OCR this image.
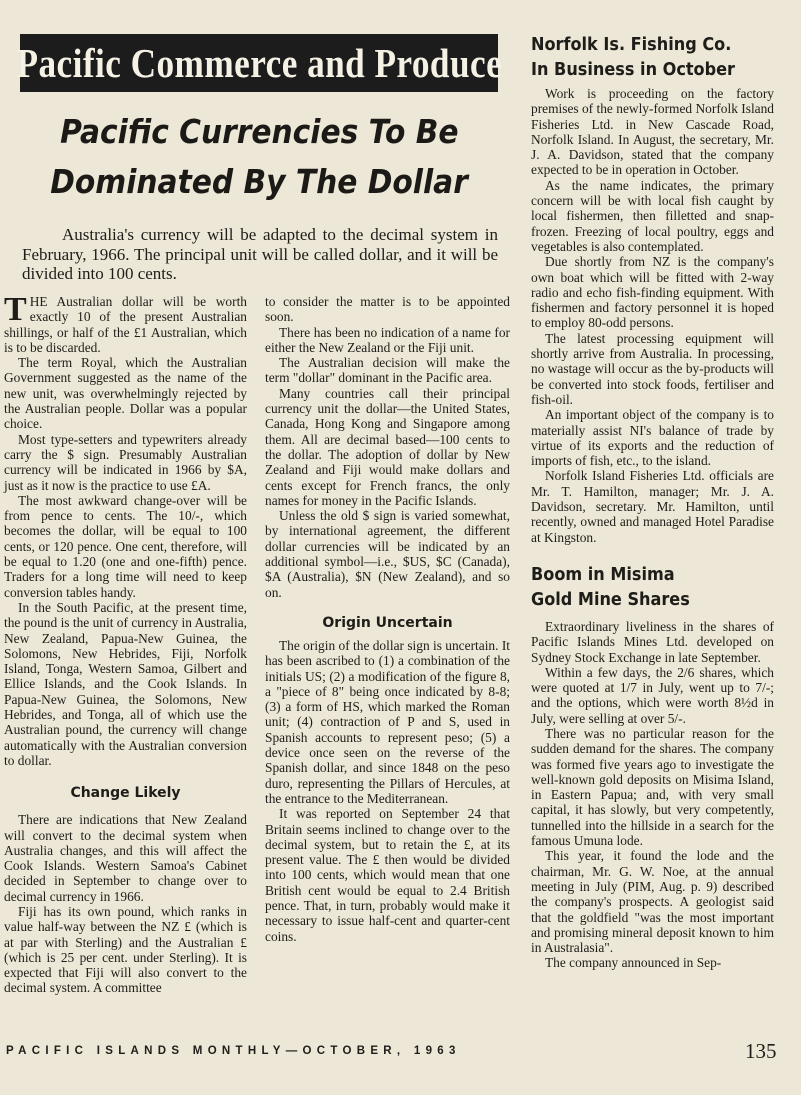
Pacific Commerce and Produce
Pacific Currencies To Be
Dominated By The Dollar

Australia's currency will be adapted to the decimal system in February, 1966. The principal unit will be called dollar, and it will be divided into 100 cents.

THE Australian dollar will be worth exactly 10 of the present Australian shillings, or half of the £1 Australian, which is to be discarded.

The term Royal, which the Australian Government suggested as the name of the new unit, was overwhelmingly rejected by the Australian people. Dollar was a popular choice.

Most type-setters and typewriters already carry the $ sign. Presumably Australian currency will be indicated in 1966 by $A, just as it now is the practice to use £A.

The most awkward change-over will be from pence to cents. The 10/-, which becomes the dollar, will be equal to 100 cents, or 120 pence. One cent, therefore, will be equal to 1.20 (one and one-fifth) pence. Traders for a long time will need to keep conversion tables handy.

In the South Pacific, at the present time, the pound is the unit of currency in Australia, New Zealand, Papua-New Guinea, the Solomons, New Hebrides, Fiji, Norfolk Island, Tonga, Western Samoa, Gilbert and Ellice Islands, and the Cook Islands. In Papua-New Guinea, the Solomons, New Hebrides, and Tonga, all of which use the Australian pound, the currency will change automatically with the Australian conversion to dollar.

Change Likely

There are indications that New Zealand will convert to the decimal system when Australia changes, and this will affect the Cook Islands. Western Samoa's Cabinet decided in September to change over to decimal currency in 1966.

Fiji has its own pound, which ranks in value half-way between the NZ £ (which is at par with Sterling) and the Australian £ (which is 25 per cent. under Sterling). It is expected that Fiji will also convert to the decimal system. A committee

to consider the matter is to be appointed soon.

There has been no indication of a name for either the New Zealand or the Fiji unit.

The Australian decision will make the term "dollar" dominant in the Pacific area.

Many countries call their principal currency unit the dollar—the United States, Canada, Hong Kong and Singapore among them. All are decimal based—100 cents to the dollar. The adoption of dollar by New Zealand and Fiji would make dollars and cents except for French francs, the only names for money in the Pacific Islands.

Unless the old $ sign is varied somewhat, by international agreement, the different dollar currencies will be indicated by an additional symbol—i.e., $US, $C (Canada), $A (Australia), $N (New Zealand), and so on.

Origin Uncertain

The origin of the dollar sign is uncertain. It has been ascribed to (1) a combination of the initials US; (2) a modification of the figure 8, a "piece of 8" being once indicated by 8-8; (3) a form of HS, which marked the Roman unit; (4) contraction of P and S, used in Spanish accounts to represent peso; (5) a device once seen on the reverse of the Spanish dollar, and since 1848 on the peso duro, representing the Pillars of Hercules, at the entrance to the Mediterranean.

It was reported on September 24 that Britain seems inclined to change over to the decimal system, but to retain the £, at its present value. The £ then would be divided into 100 cents, which would mean that one British cent would be equal to 2.4 British pence. That, in turn, probably would make it necessary to issue half-cent and quarter-cent coins.

Norfolk Is. Fishing Co.
In Business in October

Work is proceeding on the factory premises of the newly-formed Norfolk Island Fisheries Ltd. in New Cascade Road, Norfolk Island. In August, the secretary, Mr. J. A. Davidson, stated that the company expected to be in operation in October.

As the name indicates, the primary concern will be with local fish caught by local fishermen, then filletted and snap-frozen. Freezing of local poultry, eggs and vegetables is also contemplated.

Due shortly from NZ is the company's own boat which will be fitted with 2-way radio and echo fish-finding equipment. With fishermen and factory personnel it is hoped to employ 80-odd persons.

The latest processing equipment will shortly arrive from Australia. In processing, no wastage will occur as the by-products will be converted into stock foods, fertiliser and fish-oil.

An important object of the company is to materially assist NI's balance of trade by virtue of its exports and the reduction of imports of fish, etc., to the island.

Norfolk Island Fisheries Ltd. officials are Mr. T. Hamilton, manager; Mr. J. A. Davidson, secretary. Mr. Hamilton, until recently, owned and managed Hotel Paradise at Kingston.

Boom in Misima
Gold Mine Shares

Extraordinary liveliness in the shares of Pacific Islands Mines Ltd. developed on Sydney Stock Exchange in late September.

Within a few days, the 2/6 shares, which were quoted at 1/7 in July, went up to 7/-; and the options, which were worth 8½d in July, were selling at over 5/-.

There was no particular reason for the sudden demand for the shares. The company was formed five years ago to investigate the well-known gold deposits on Misima Island, in Eastern Papua; and, with very small capital, it has slowly, but very competently, tunnelled into the hillside in a search for the famous Umuna lode.

This year, it found the lode and the chairman, Mr. G. W. Noe, at the annual meeting in July (PIM, Aug. p. 9) described the company's prospects. A geologist said that the goldfield "was the most important and promising mineral deposit known to him in Australasia".

The company announced in Sep-

PACIFIC ISLANDS MONTHLY—OCTOBER, 1963	135
